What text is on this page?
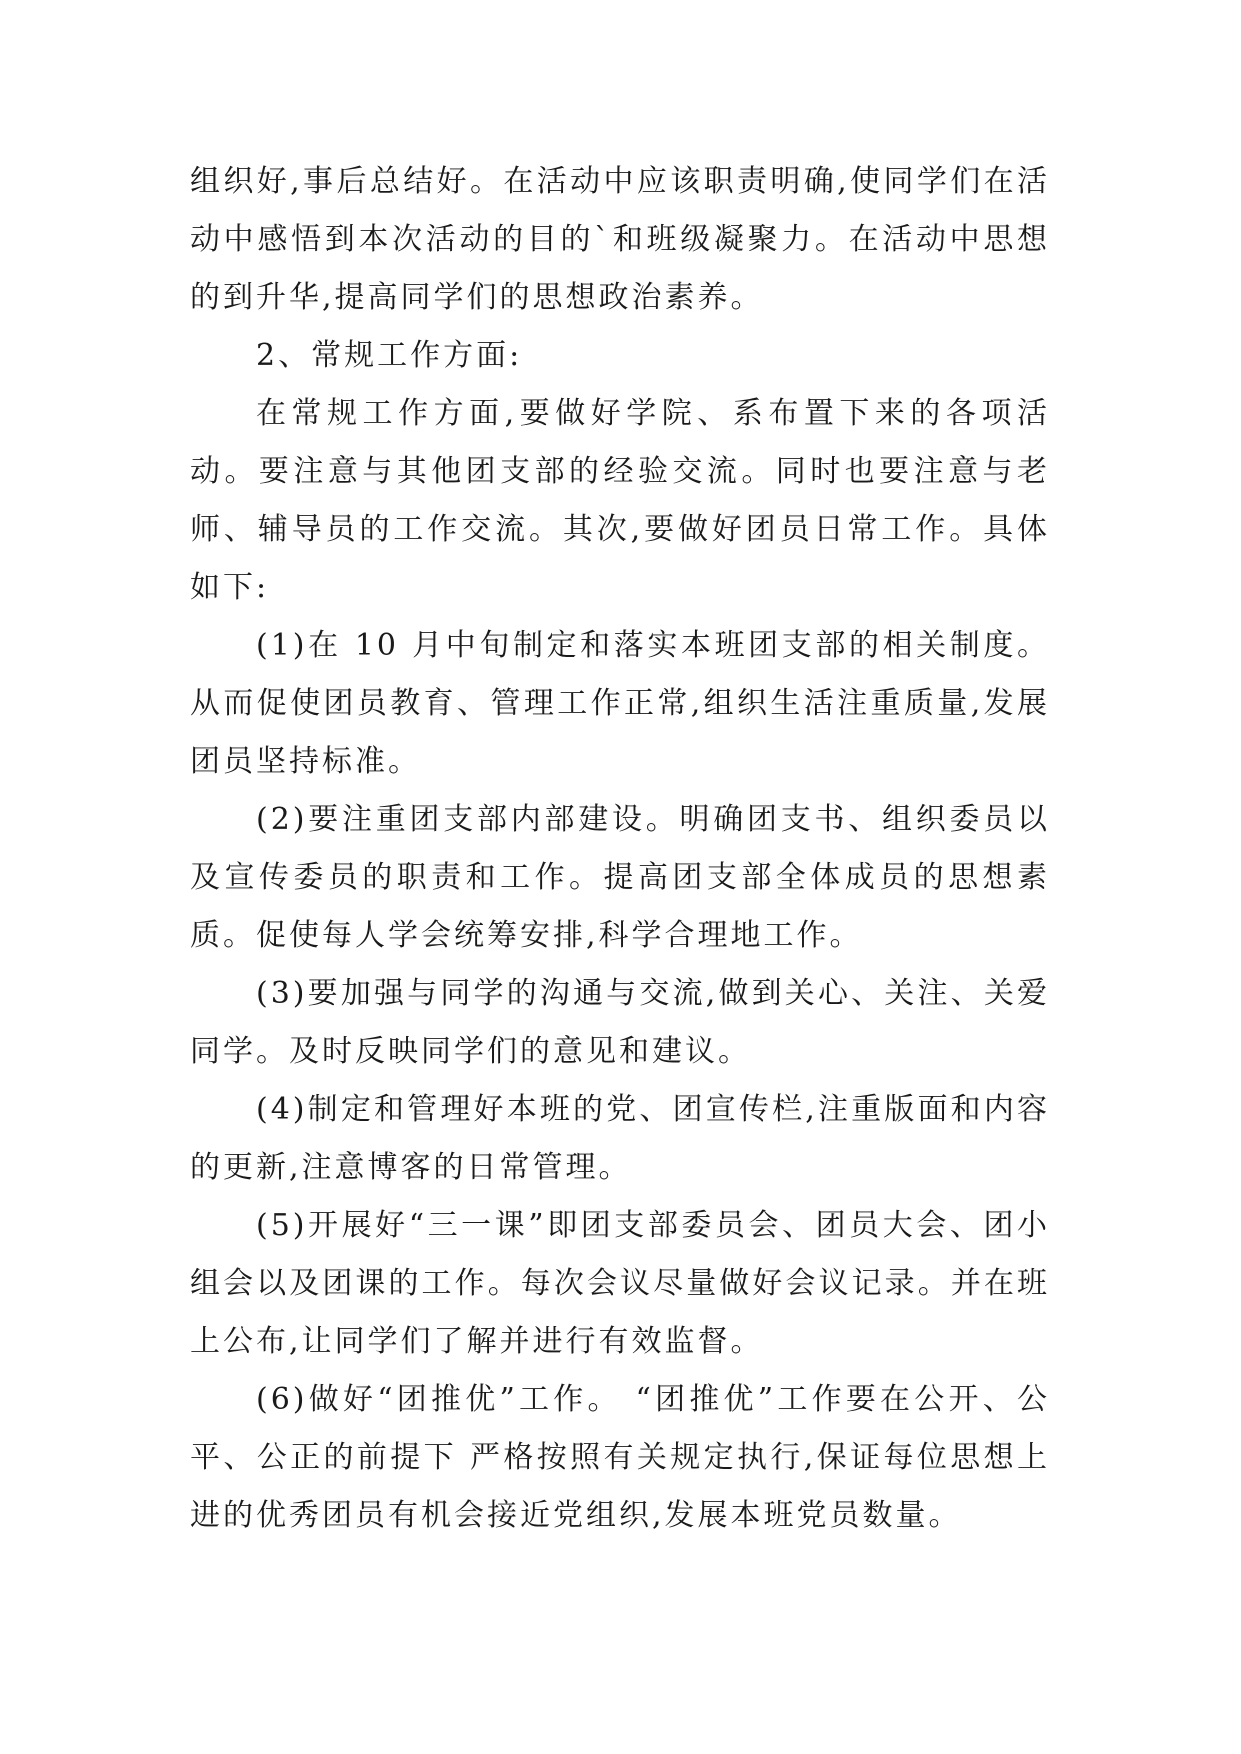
组织好,事后总结好。在活动中应该职责明确,使同学们在活动中感悟到本次活动的目的`和班级凝聚力。在活动中思想的到升华,提高同学们的思想政治素养。

2、常规工作方面:

在常规工作方面,要做好学院、系布置下来的各项活动。要注意与其他团支部的经验交流。同时也要注意与老师、辅导员的工作交流。其次,要做好团员日常工作。具体如下:

(1)在 10 月中旬制定和落实本班团支部的相关制度。从而促使团员教育、管理工作正常,组织生活注重质量,发展团员坚持标准。

(2)要注重团支部内部建设。明确团支书、组织委员以及宣传委员的职责和工作。提高团支部全体成员的思想素质。促使每人学会统筹安排,科学合理地工作。

(3)要加强与同学的沟通与交流,做到关心、关注、关爱同学。及时反映同学们的意见和建议。

(4)制定和管理好本班的党、团宣传栏,注重版面和内容的更新,注意博客的日常管理。

(5)开展好“三一课”即团支部委员会、团员大会、团小组会以及团课的工作。每次会议尽量做好会议记录。并在班上公布,让同学们了解并进行有效监督。

(6)做好“团推优”工作。 “团推优”工作要在公开、公平、公正的前提下 严格按照有关规定执行,保证每位思想上进的优秀团员有机会接近党组织,发展本班党员数量。
